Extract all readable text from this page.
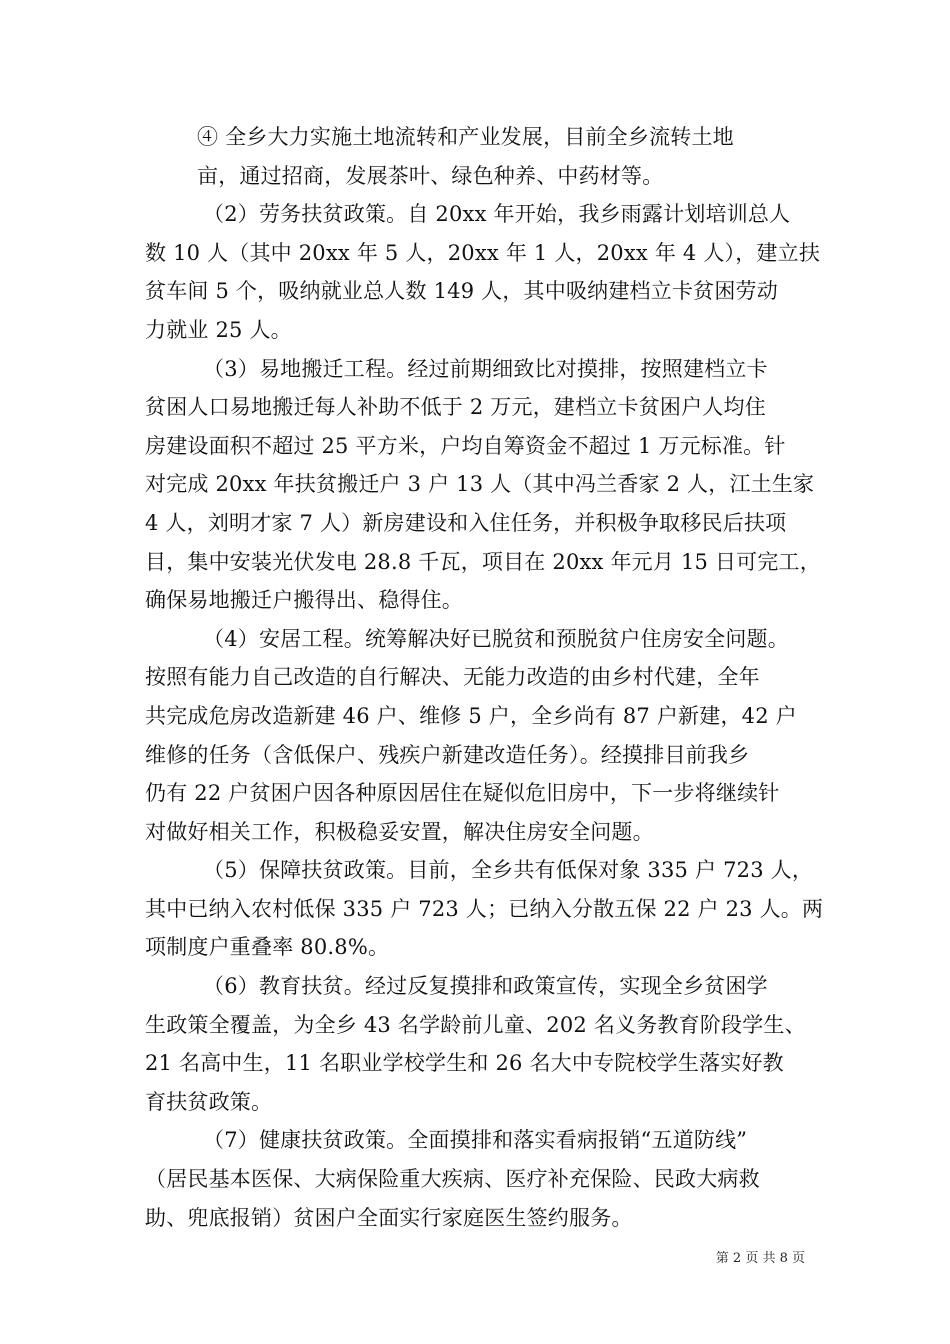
④ 全乡大力实施土地流转和产业发展，目前全乡流转土地
亩，通过招商，发展茶叶、绿色种养、中药材等。
（2）劳务扶贫政策。自 20xx 年开始，我乡雨露计划培训总人
数 10 人（其中 20xx 年 5 人，20xx 年 1 人，20xx 年 4 人），建立扶
贫车间 5 个，吸纳就业总人数 149 人，其中吸纳建档立卡贫困劳动
力就业 25 人。
（3）易地搬迁工程。经过前期细致比对摸排，按照建档立卡
贫困人口易地搬迁每人补助不低于 2 万元，建档立卡贫困户人均住
房建设面积不超过 25 平方米，户均自筹资金不超过 1 万元标准。针
对完成 20xx 年扶贫搬迁户 3 户 13 人（其中冯兰香家 2 人，江土生家
4 人，刘明才家 7 人）新房建设和入住任务，并积极争取移民后扶项
目，集中安装光伏发电 28.8 千瓦，项目在 20xx 年元月 15 日可完工，
确保易地搬迁户搬得出、稳得住。
（4）安居工程。统筹解决好已脱贫和预脱贫户住房安全问题。
按照有能力自己改造的自行解决、无能力改造的由乡村代建，全年
共完成危房改造新建 46 户、维修 5 户，全乡尚有 87 户新建，42 户
维修的任务（含低保户、残疾户新建改造任务）。经摸排目前我乡
仍有 22 户贫困户因各种原因居住在疑似危旧房中，下一步将继续针
对做好相关工作，积极稳妥安置，解决住房安全问题。
（5）保障扶贫政策。目前，全乡共有低保对象 335 户 723 人，
其中已纳入农村低保 335 户 723 人；已纳入分散五保 22 户 23 人。两
项制度户重叠率 80.8%。
（6）教育扶贫。经过反复摸排和政策宣传，实现全乡贫困学
生政策全覆盖，为全乡 43 名学龄前儿童、202 名义务教育阶段学生、
21 名高中生，11 名职业学校学生和 26 名大中专院校学生落实好教
育扶贫政策。
（7）健康扶贫政策。全面摸排和落实看病报销“五道防线”
（居民基本医保、大病保险重大疾病、医疗补充保险、民政大病救
助、兜底报销）贫困户全面实行家庭医生签约服务。
第 2 页 共 8 页
